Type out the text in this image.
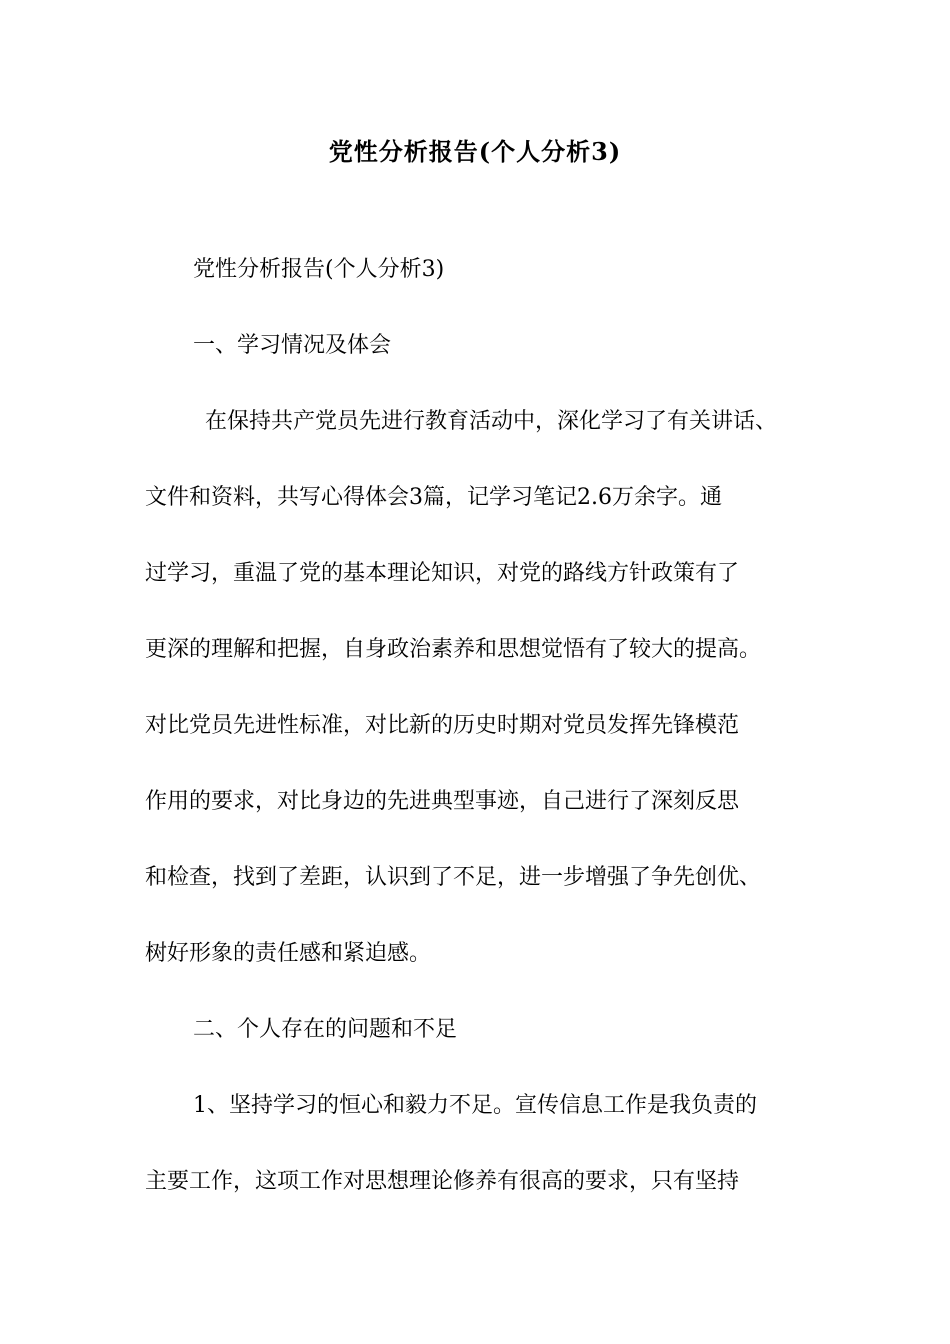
党性分析报告(个人分析3)
党性分析报告(个人分析3)
一、学习情况及体会
在保持共产党员先进行教育活动中，深化学习了有关讲话、
文件和资料，共写心得体会3篇，记学习笔记2.6万余字。通
过学习，重温了党的基本理论知识，对党的路线方针政策有了
更深的理解和把握，自身政治素养和思想觉悟有了较大的提高。
对比党员先进性标准，对比新的历史时期对党员发挥先锋模范
作用的要求，对比身边的先进典型事迹，自己进行了深刻反思
和检查，找到了差距，认识到了不足，进一步增强了争先创优、
树好形象的责任感和紧迫感。
二、个人存在的问题和不足
1、坚持学习的恒心和毅力不足。宣传信息工作是我负责的
主要工作，这项工作对思想理论修养有很高的要求，只有坚持
